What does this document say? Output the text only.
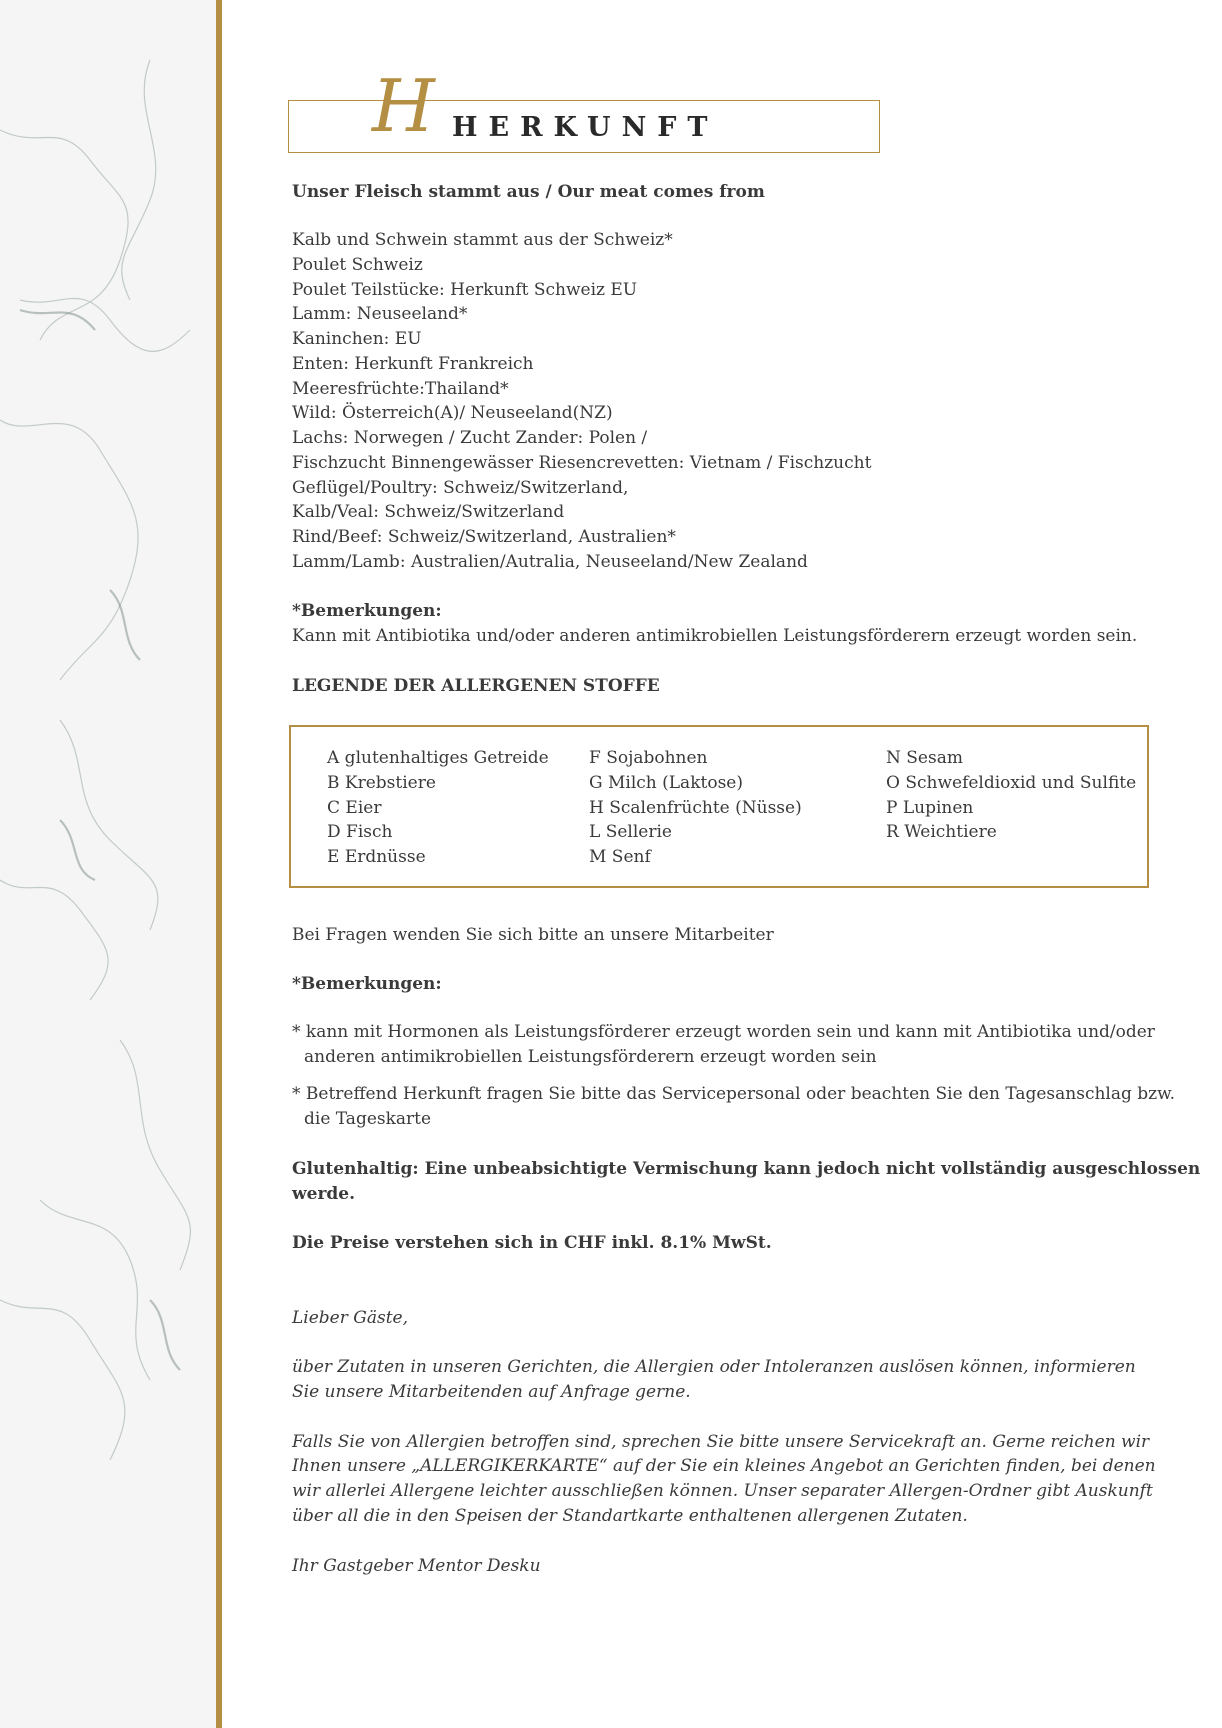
H HERKUNFT
Unser Fleisch stammt aus / Our meat comes from
Kalb und Schwein stammt aus der Schweiz*
Poulet Schweiz
Poulet Teilstücke: Herkunft Schweiz EU
Lamm: Neuseeland*
Kaninchen: EU
Enten: Herkunft Frankreich
Meeresfrüchte:Thailand*
Wild: Österreich(A)/ Neuseeland(NZ)
Lachs: Norwegen / Zucht Zander: Polen /
Fischzucht Binnengewässer Riesencrevetten: Vietnam / Fischzucht
Geflügel/Poultry: Schweiz/Switzerland,
Kalb/Veal: Schweiz/Switzerland
Rind/Beef: Schweiz/Switzerland, Australien*
Lamm/Lamb: Australien/Autralia, Neuseeland/New Zealand
*Bemerkungen:
Kann mit Antibiotika und/oder anderen antimikrobiellen Leistungsförderern erzeugt worden sein.
LEGENDE DER ALLERGENEN STOFFE
A glutenhaltiges Getreide
B Krebstiere
C Eier
D Fisch
E Erdnüsse
F Sojabohnen
G Milch (Laktose)
H Scalenfrüchte (Nüsse)
L Sellerie
M Senf
N Sesam
O Schwefeldioxid und Sulfite
P Lupinen
R Weichtiere
Bei Fragen wenden Sie sich bitte an unsere Mitarbeiter
*Bemerkungen:
* kann mit Hormonen als Leistungsförderer erzeugt worden sein und kann mit Antibiotika und/oder
anderen antimikrobiellen Leistungsförderern erzeugt worden sein
* Betreffend Herkunft fragen Sie bitte das Servicepersonal oder beachten Sie den Tagesanschlag bzw.
die Tageskarte
Glutenhaltig: Eine unbeabsichtigte Vermischung kann jedoch nicht vollständig ausgeschlossen
werde.
Die Preise verstehen sich in CHF inkl. 8.1% MwSt.
Lieber Gäste,
über Zutaten in unseren Gerichten, die Allergien oder Intoleranzen auslösen können, informieren
Sie unsere Mitarbeitenden auf Anfrage gerne.
Falls Sie von Allergien betroffen sind, sprechen Sie bitte unsere Servicekraft an. Gerne reichen wir
Ihnen unsere „ALLERGIKERKARTE“ auf der Sie ein kleines Angebot an Gerichten finden, bei denen
wir allerlei Allergene leichter ausschließen können. Unser separater Allergen-Ordner gibt Auskunft
über all die in den Speisen der Standartkarte enthaltenen allergenen Zutaten.
Ihr Gastgeber Mentor Desku
